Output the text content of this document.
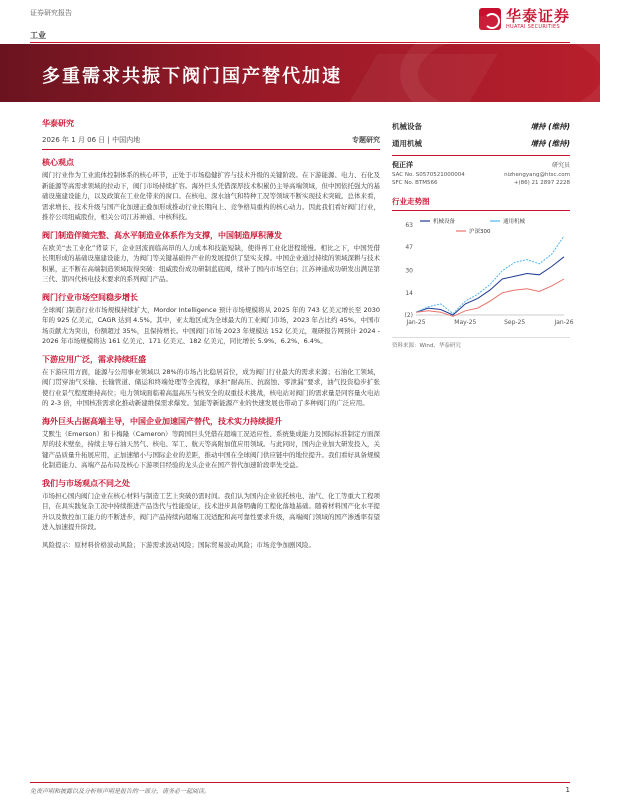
证券研究报告	华泰证券
HUATAI SECURITIES
工业
多重需求共振下阀门国产替代加速
华泰研究
2026 年 1 月 06 日 | 中国内地	专题研究
核心观点

阀门行业作为工业流体控制体系的核心环节，正处于市场稳健扩容与技术升级的关键阶段。在下游能源、电力、石化及新能源等高需求领域的拉动下，阀门市场持续扩容。海外巨头凭借深厚技术积累仍主导高端领域，但中国依托强大的基础设施建设能力，以及政策在工业化带来的窗口。在核电、深水油气和特种工况等领域不断实现技术突破。总体来看，需求增长、技术升级与国产化加速正叠加形成推动行业长期向上、竞争格局重构的核心动力。因此我们看好阀门行业，推荐公司纽威股份，相关公司江苏神通、中核科技。

阀门制造伴随完整、高水平制造业体系作为支撑，中国制造厚积薄发

在欧美“去工业化”背景下，企业回流面临高昂的人力成本和技能短缺，使得再工业化进程缓慢。相比之下，中国凭借长期形成的基础设施建设能力，为阀门等关键基础件产业的发展提供了坚实支撑。中国企业通过持续的领域深耕与技术积累，正不断在高端制造领域取得突破：纽威股份成功研制蓝底阀，续补了国内市场空白；江苏神通成功研发出满足第三代、第四代核电技术要求的系列阀门产品。

阀门行业市场空间稳步增长

全球阀门制造行业市场规模持续扩大，Mordor Intelligence 预计市场规模将从 2025 年的 743 亿美元增长至 2030 年的 925 亿美元，CAGR 达到 4.5%。其中，亚太地区成为全球最大的工业阀门市场，2023 年占比约 45%，中国市场贡献尤为突出，份额超过 35%，且保持增长。中国阀门市场 2023 年规模达 152 亿美元，观研报告网预计 2024 - 2026 年市场规模将达 161 亿美元、171 亿美元、182 亿美元，同比增长 5.9%、6.2%、6.4%。

下游应用广泛，需求持续旺盛

在下游应用方面，能源与公用事业领域以 28%的市场占比稳居首位，成为阀门行业最大的需求来源；石油化工领域，阀门贯穿油气采输、长输管道、储运和终端处理等全流程，承担“耐高压、抗腐蚀、零泄漏”要求，油气投资稳步扩张使行业景气程度维持高位；电力领域面临着高温高压与核安全的双重技术挑战，核电站对阀门的需求量是同容量火电站的 2-3 倍，中国核准需求化推动新建维保需求爆发。氢能等新能源产业的快速发展也带动了多种阀门的广泛应用。

海外巨头占据高端主导，中国企业加速国产替代，技术实力持续提升

艾默生（Emerson）和卡梅隆（Cameron）等跨国巨头凭借在超端工况适应性、系统集成能力及国际标准制定方面深厚的技术壁垒，持续主导石油天然气、核电、军工、航天等高附加值应用领域。与此同时，国内企业加大研发投入，关键产品质量升拓展应用，正加速缩小与国际企业的差距，推动中国在全球阀门供应链中的地位提升。我们看好具备规模化制造能力、高端产品布局及核心下游项目经验的龙头企业在国产替代加速阶段率先受益。

我们与市场观点不同之处

市场担心国内阀门企业在核心材料与制造工艺上突破仍需时间。我们认为国内企业依托核电、油气、化工等重大工程项目，在具实践复杂工况中持续推进产品迭代与性能验证，技术进步具备明确的工程化落地基础。随着材料国产化水平提升以及数控加工能力的不断进步，阀门产品持续向超端工况适配和高可靠性要求升级，高端阀门领域的国产渗透率有望进入加速提升阶段。

风险提示：原材料价格波动风险；下游需求波动风险；国际贸易波动风险；市场竞争加剧风险。

机械设备	增持 (维持)
通用机械	增持 (维持)
倪正洋	研究员
SAC No. S0570521000004	nizhengyang@htsc.com
SFC No. BTM566	+(86) 21 2897 2228
行业走势图
63
47
30
14
(2)
Jan-25	May-25	Sep-25	Jan-26
机械设备	通用机械
沪深300
资料来源：Wind，华泰研究
免责声明和披露以及分析师声明是报告的一部分，请务必一起阅读。	1
